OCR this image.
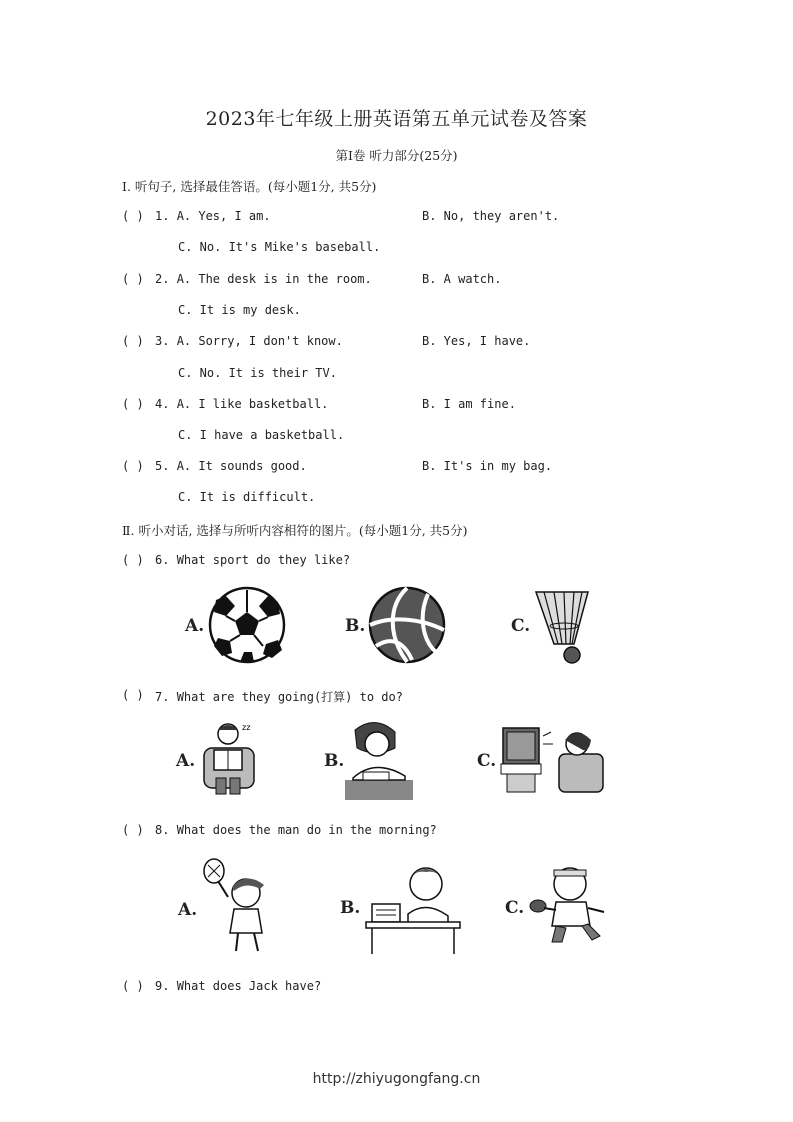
2023年七年级上册英语第五单元试卷及答案
第Ⅰ卷 听力部分(25分)
Ⅰ. 听句子, 选择最佳答语。(每小题1分, 共5分)
( ) 1. A. Yes, I am.	B. No, they aren't.
C. No. It's Mike's baseball.
( ) 2. A. The desk is in the room.	B. A watch.
C. It is my desk.
( ) 3. A. Sorry, I don't know.	B. Yes, I have.
C. No. It is their TV.
( ) 4. A. I like basketball.	B. I am fine.
C. I have a basketball.
( ) 5. A. It sounds good.	B. It's in my bag.
C. It is difficult.
Ⅱ. 听小对话, 选择与所听内容相符的图片。(每小题1分, 共5分)
( ) 6. What sport do they like?
A.	B.	C.
( ) 7. What are they going(打算) to do?
A.
zz
B.	C.
( ) 8. What does the man do in the morning?
A.	B.	C.
( ) 9. What does Jack have?
http://zhiyugongfang.cn
